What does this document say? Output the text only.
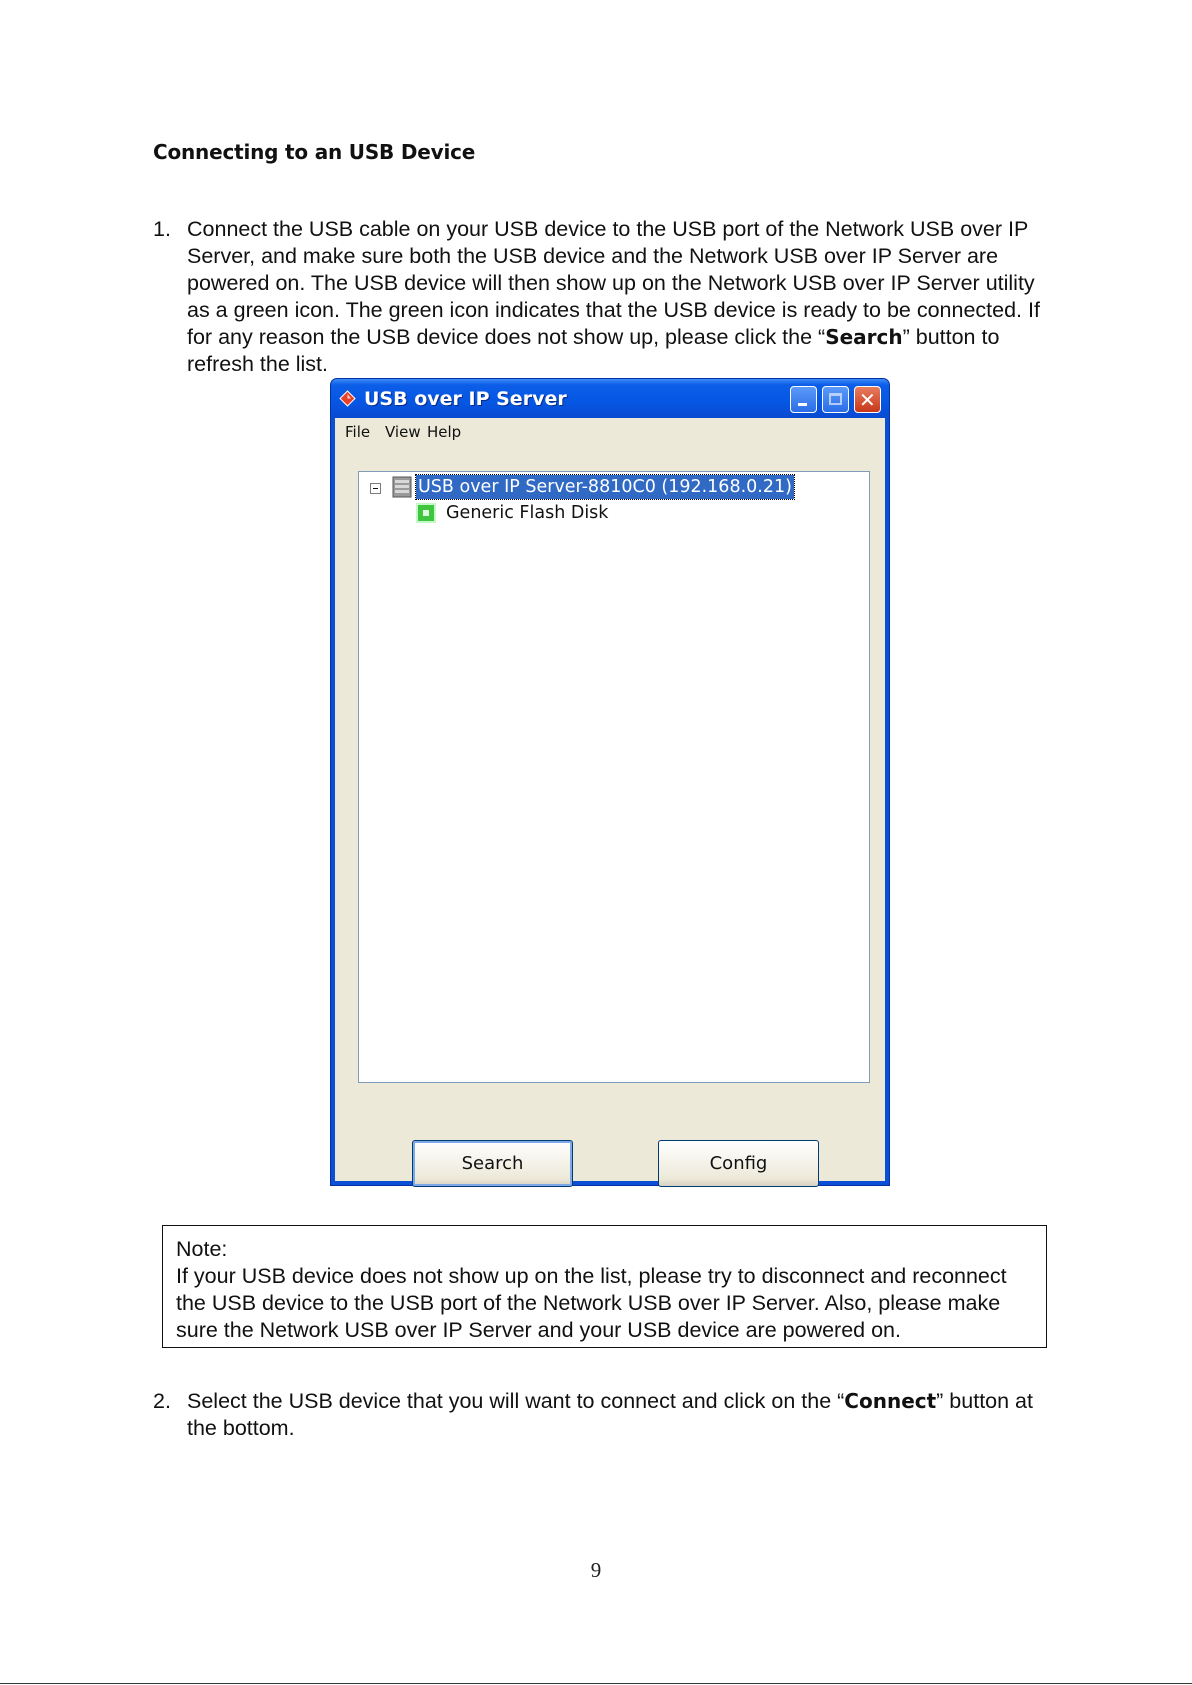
Connecting to an USB Device
1. Connect the USB cable on your USB device to the USB port of the Network USB over IP
Server, and make sure both the USB device and the Network USB over IP Server are
powered on. The USB device will then show up on the Network USB over IP Server utility
as a green icon. The green icon indicates that the USB device is ready to be connected. If
for any reason the USB device does not show up, please click the “Search” button to
refresh the list.
USB over IP Server	✕
File View Help
USB over IP Server-8810C0 (192.168.0.21)
Generic Flash Disk
Search	Config
Note:
If your USB device does not show up on the list, please try to disconnect and reconnect
the USB device to the USB port of the Network USB over IP Server. Also, please make
sure the Network USB over IP Server and your USB device are powered on.
2. Select the USB device that you will want to connect and click on the “Connect” button at
the bottom.
9
